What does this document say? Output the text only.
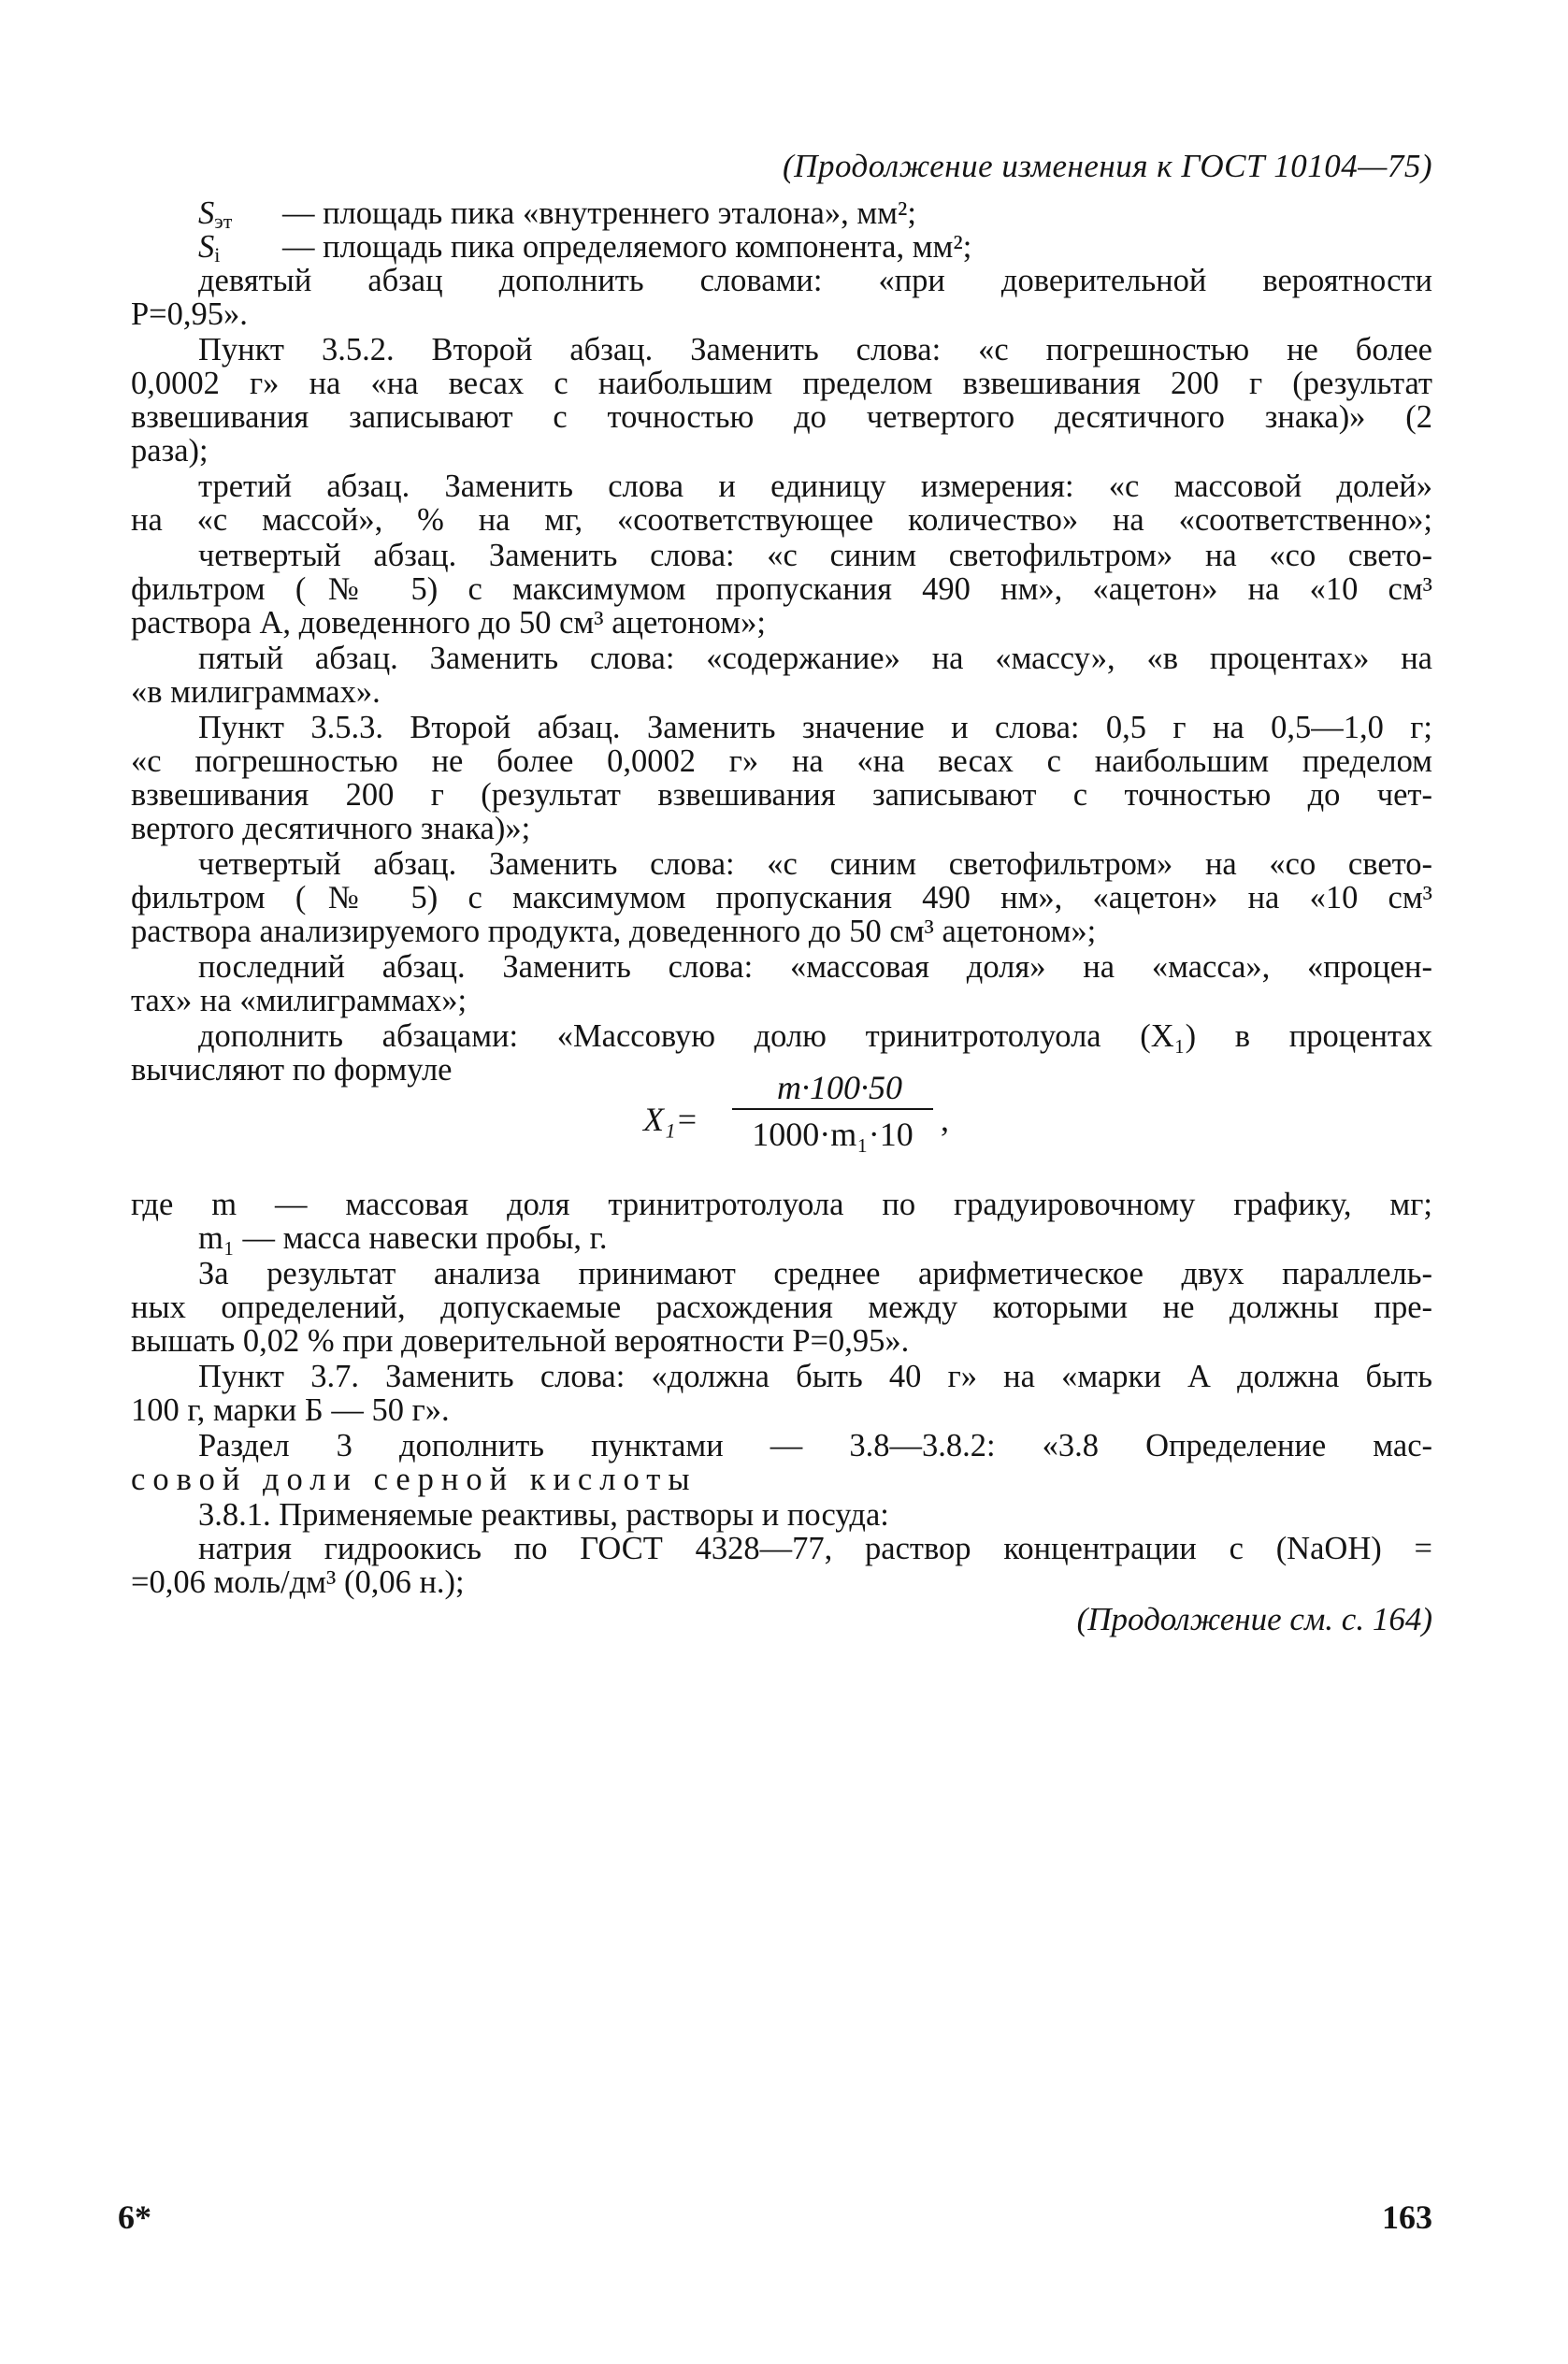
(Продолжение изменения к ГОСТ 10104—75)
$S_{эт}$ — площадь пика «внутреннего эталона», мм²;
$S_i$ — площадь пика определяемого компонента, мм²;
девятый абзац дополнить словами: «при доверительной вероятности
P=0,95».
Пункт 3.5.2. Второй абзац. Заменить слова: «с погрешностью не более
0,0002 г» на «на весах с наибольшим пределом взвешивания 200 г (результат
взвешивания записывают с точностью до четвертого десятичного знака)» (2
раза);
третий абзац. Заменить слова и единицу измерения: «с массовой долей»
на «с массой», % на мг, «соответствующее количество» на «соответственно»;
четвертый абзац. Заменить слова: «с синим светофильтром» на «со свето-
фильтром (№ 5) с максимумом пропускания 490 нм», «ацетон» на «10 см³
раствора А, доведенного до 50 см³ ацетоном»;
пятый абзац. Заменить слова: «содержание» на «массу», «в процентах» на
«в милиграммах».
Пункт 3.5.3. Второй абзац. Заменить значение и слова: 0,5 г на 0,5—1,0 г;
«с погрешностью не более 0,0002 г» на «на весах с наибольшим пределом
взвешивания 200 г (результат взвешивания записывают с точностью до чет-
вертого десятичного знака)»;
четвертый абзац. Заменить слова: «с синим светофильтром» на «со свето-
фильтром (№ 5) с максимумом пропускания 490 нм», «ацетон» на «10 см³
раствора анализируемого продукта, доведенного до 50 см³ ацетоном»;
последний абзац. Заменить слова: «массовая доля» на «масса», «процен-
тах» на «милиграммах»;
дополнить абзацами: «Массовую долю тринитротолуола (X₁) в процентах
вычисляют по формуле
X₁=
m·100·50
1000·m₁·10 ,
где m — массовая доля тринитротолуола по градуировочному графику, мг;
m₁ — масса навески пробы, г.
За результат анализа принимают среднее арифметическое двух параллель-
ных определений, допускаемые расхождения между которыми не должны пре-
вышать 0,02 % при доверительной вероятности P=0,95».
Пункт 3.7. Заменить слова: «должна быть 40 г» на «марки А должна быть
100 г, марки Б — 50 г».
Раздел 3 дополнить пунктами — 3.8—3.8.2: «3.8 Определение мас-
совой доли серной кислоты
3.8.1. Применяемые реактивы, растворы и посуда:
натрия гидроокись по ГОСТ 4328—77, раствор концентрации с (NaOH) =
=0,06 моль/дм³ (0,06 н.);
(Продолжение см. с. 164)
6*	163
